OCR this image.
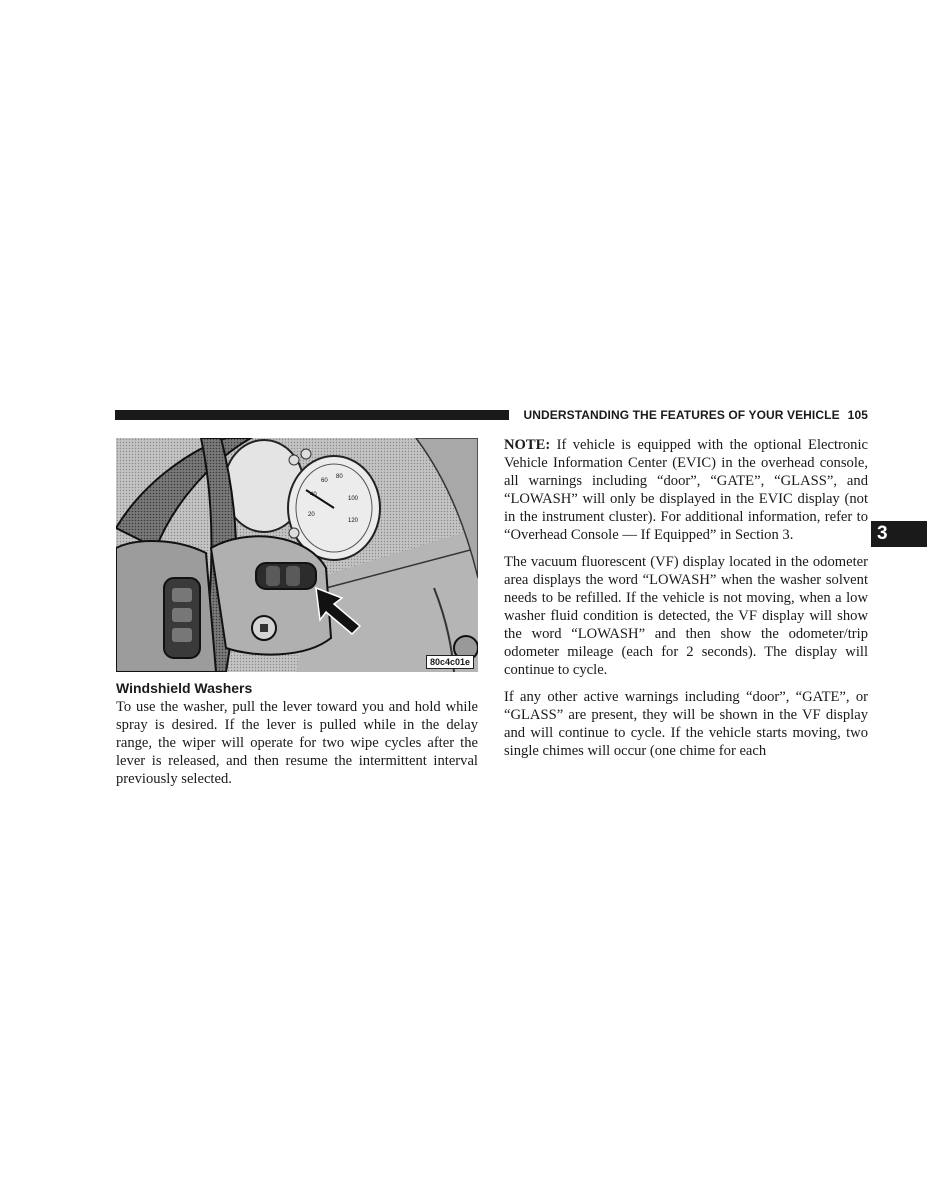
UNDERSTANDING THE FEATURES OF YOUR VEHICLE 105
3
20
40
60
80
100
120
80c4c01e
Windshield Washers

To use the washer, pull the lever toward you and hold while spray is desired. If the lever is pulled while in the delay range, the wiper will operate for two wipe cycles after the lever is released, and then resume the intermittent interval previously selected.

NOTE: If vehicle is equipped with the optional Electronic Vehicle Information Center (EVIC) in the overhead console, all warnings including “door”, “GATE”, “GLASS”, and “LOWASH” will only be displayed in the EVIC display (not in the instrument cluster). For additional information, refer to “Overhead Console — If Equipped” in Section 3.

The vacuum fluorescent (VF) display located in the odometer area displays the word “LOWASH” when the washer solvent needs to be refilled. If the vehicle is not moving, when a low washer fluid condition is detected, the VF display will show the word “LOWASH” and then show the odometer/trip odometer mileage (each for 2 seconds). The display will continue to cycle.

If any other active warnings including “door”, “GATE”, or “GLASS” are present, they will be shown in the VF display and will continue to cycle. If the vehicle starts moving, two single chimes will occur (one chime for each
